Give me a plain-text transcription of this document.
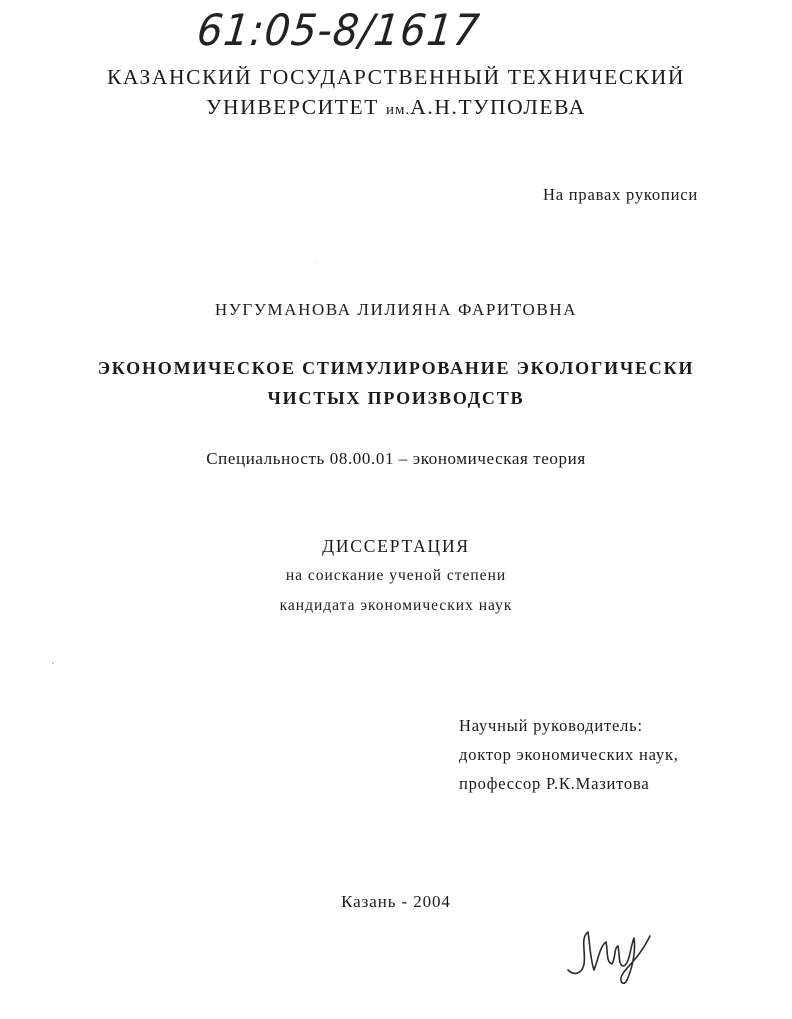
61:05-8/1617
КАЗАНСКИЙ ГОСУДАРСТВЕННЫЙ ТЕХНИЧЕСКИЙ
УНИВЕРСИТЕТ им.А.Н.ТУПОЛЕВА
На правах рукописи
НУГУМАНОВА ЛИЛИЯНА ФАРИТОВНА
ЭКОНОМИЧЕСКОЕ СТИМУЛИРОВАНИЕ ЭКОЛОГИЧЕСКИ
ЧИСТЫХ ПРОИЗВОДСТВ
Специальность 08.00.01 – экономическая теория
ДИССЕРТАЦИЯ
на соискание ученой степени
кандидата экономических наук
Научный руководитель:
доктор экономических наук,
профессор Р.К.Мазитова
Казань - 2004
